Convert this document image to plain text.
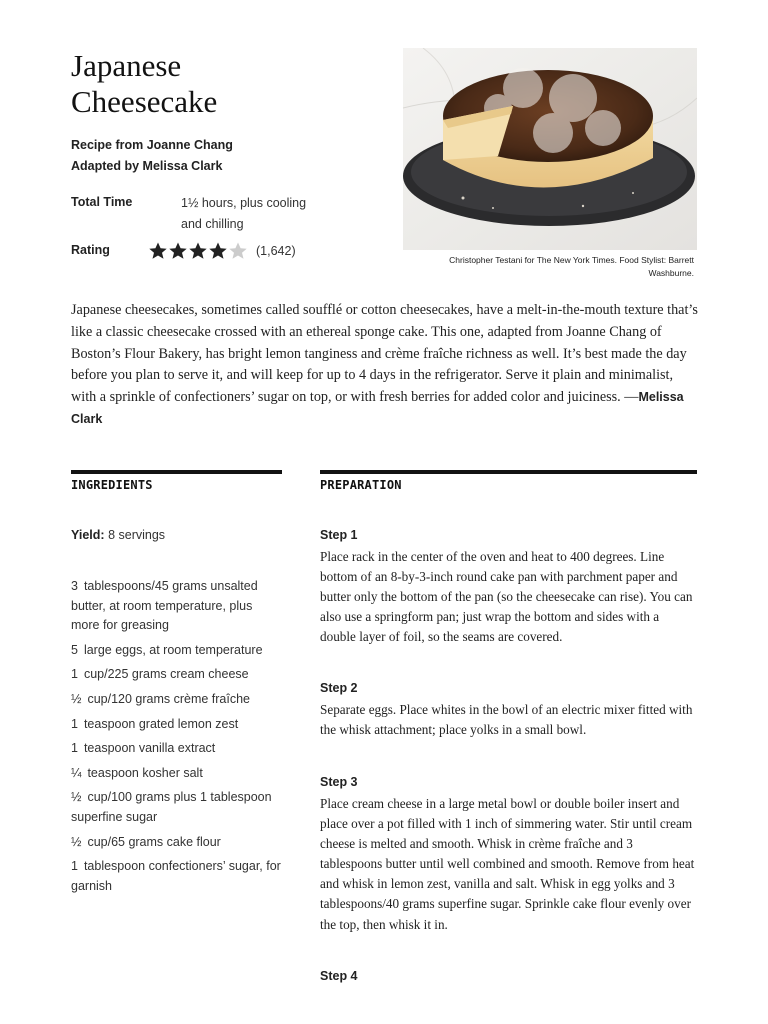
Japanese
Cheesecake
Recipe from Joanne Chang
Adapted by Melissa Clark
Total Time	1½ hours, plus cooling and chilling
Rating	(1,642)
Christopher Testani for The New York Times. Food Stylist: Barrett Washburne.

Japanese cheesecakes, sometimes called soufflé or cotton cheesecakes, have a melt-in-the-mouth texture that’s like a classic cheesecake crossed with an ethereal sponge cake. This one, adapted from Joanne Chang of Boston’s Flour Bakery, has bright lemon tanginess and crème fraîche richness as well. It’s best made the day before you plan to serve it, and will keep for up to 4 days in the refrigerator. Serve it plain and minimalist, with a sprinkle of confectioners’ sugar on top, or with fresh berries for added color and juiciness. —Melissa Clark

INGREDIENTS
Yield: 8 servings
3 tablespoons/45 grams unsalted butter, at room temperature, plus more for greasing
5 large eggs, at room temperature
1 cup/225 grams cream cheese
½ cup/120 grams crème fraîche
1 teaspoon grated lemon zest
1 teaspoon vanilla extract
¼ teaspoon kosher salt
½ cup/100 grams plus 1 tablespoon superfine sugar
½ cup/65 grams cake flour
1 tablespoon confectioners’ sugar, for garnish
PREPARATION

Step 1

Place rack in the center of the oven and heat to 400 degrees. Line bottom of an 8-by-3-inch round cake pan with parchment paper and butter only the bottom of the pan (so the cheesecake can rise). You can also use a springform pan; just wrap the bottom and sides with a double layer of foil, so the seams are covered.

Step 2

Separate eggs. Place whites in the bowl of an electric mixer fitted with the whisk attachment; place yolks in a small bowl.

Step 3

Place cream cheese in a large metal bowl or double boiler insert and place over a pot filled with 1 inch of simmering water. Stir until cream cheese is melted and smooth. Whisk in crème fraîche and 3 tablespoons butter until well combined and smooth. Remove from heat and whisk in lemon zest, vanilla and salt. Whisk in egg yolks and 3 tablespoons/40 grams superfine sugar. Sprinkle cake flour evenly over the top, then whisk it in.

Step 4
